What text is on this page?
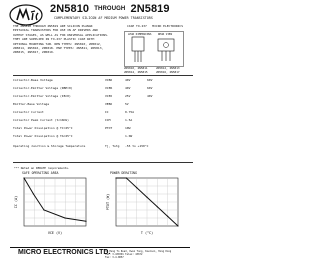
2N5810 THROUGH 2N5819
COMPLEMENTARY SILICON AF MEDIUM POWER TRANSISTORS
THE 2N5810 THROUGH 2N5819 ARE SILICON PLANAR
EPITAXIAL TRANSISTORS FOR USE IN AF DRIVERS AND
OUTPUT STAGES, AS WELL AS FOR UNIVERSAL APPLICATIONS.
THEY ARE SUPPLIED IN TO-237 PLASTIC CASE WITH
OPTIONAL MOUNTING TAB. NPN TYPES: 2N5810, 2N5812,
2N5814, 2N5816, 2N5818. PNP TYPES: 2N5811, 2N5813,
2N5815, 2N5817, 2N5819.
CASE TO-237 MICRO ELECTRONICS
LEAD DIMENSIONS	REAR VIEW
2N5810, 2N5811
2N5814, 2N5815
2N5812, 2N5813
2N5816, 2N5817
Collector-Base Voltage	VCBO	40V	60V
Collector-Emitter Voltage (RBE=0)	VCER	40V	60V
Collector-Emitter Voltage (IB=0)	VCEO	25V	40V
Emitter-Base Voltage	VEBO	5V
Collector Current	IC	0.75A
Collector Peak Current (t<10mS)	ICM	1.5A
Total Power Dissipation @ TC=25°C	PTOT	10W
Total Power Dissipation @ TA=25°C	1.0W
Operating Junction & Storage Temperature	Tj, Tstg -55 to +150°C
*** Noted on DERATE requirements.
SAFE OPERATING AREA
VCE (V)
IC (A)
POWER DERATING
T (°C)
PTOT (W)
MICRO ELECTRONICS LTD.
38 Hung To Road, Kwun Tong, Kowloon, Hong Kong
Tel: 3-430391 Telex: 43672
Fax: 3-4-0857
